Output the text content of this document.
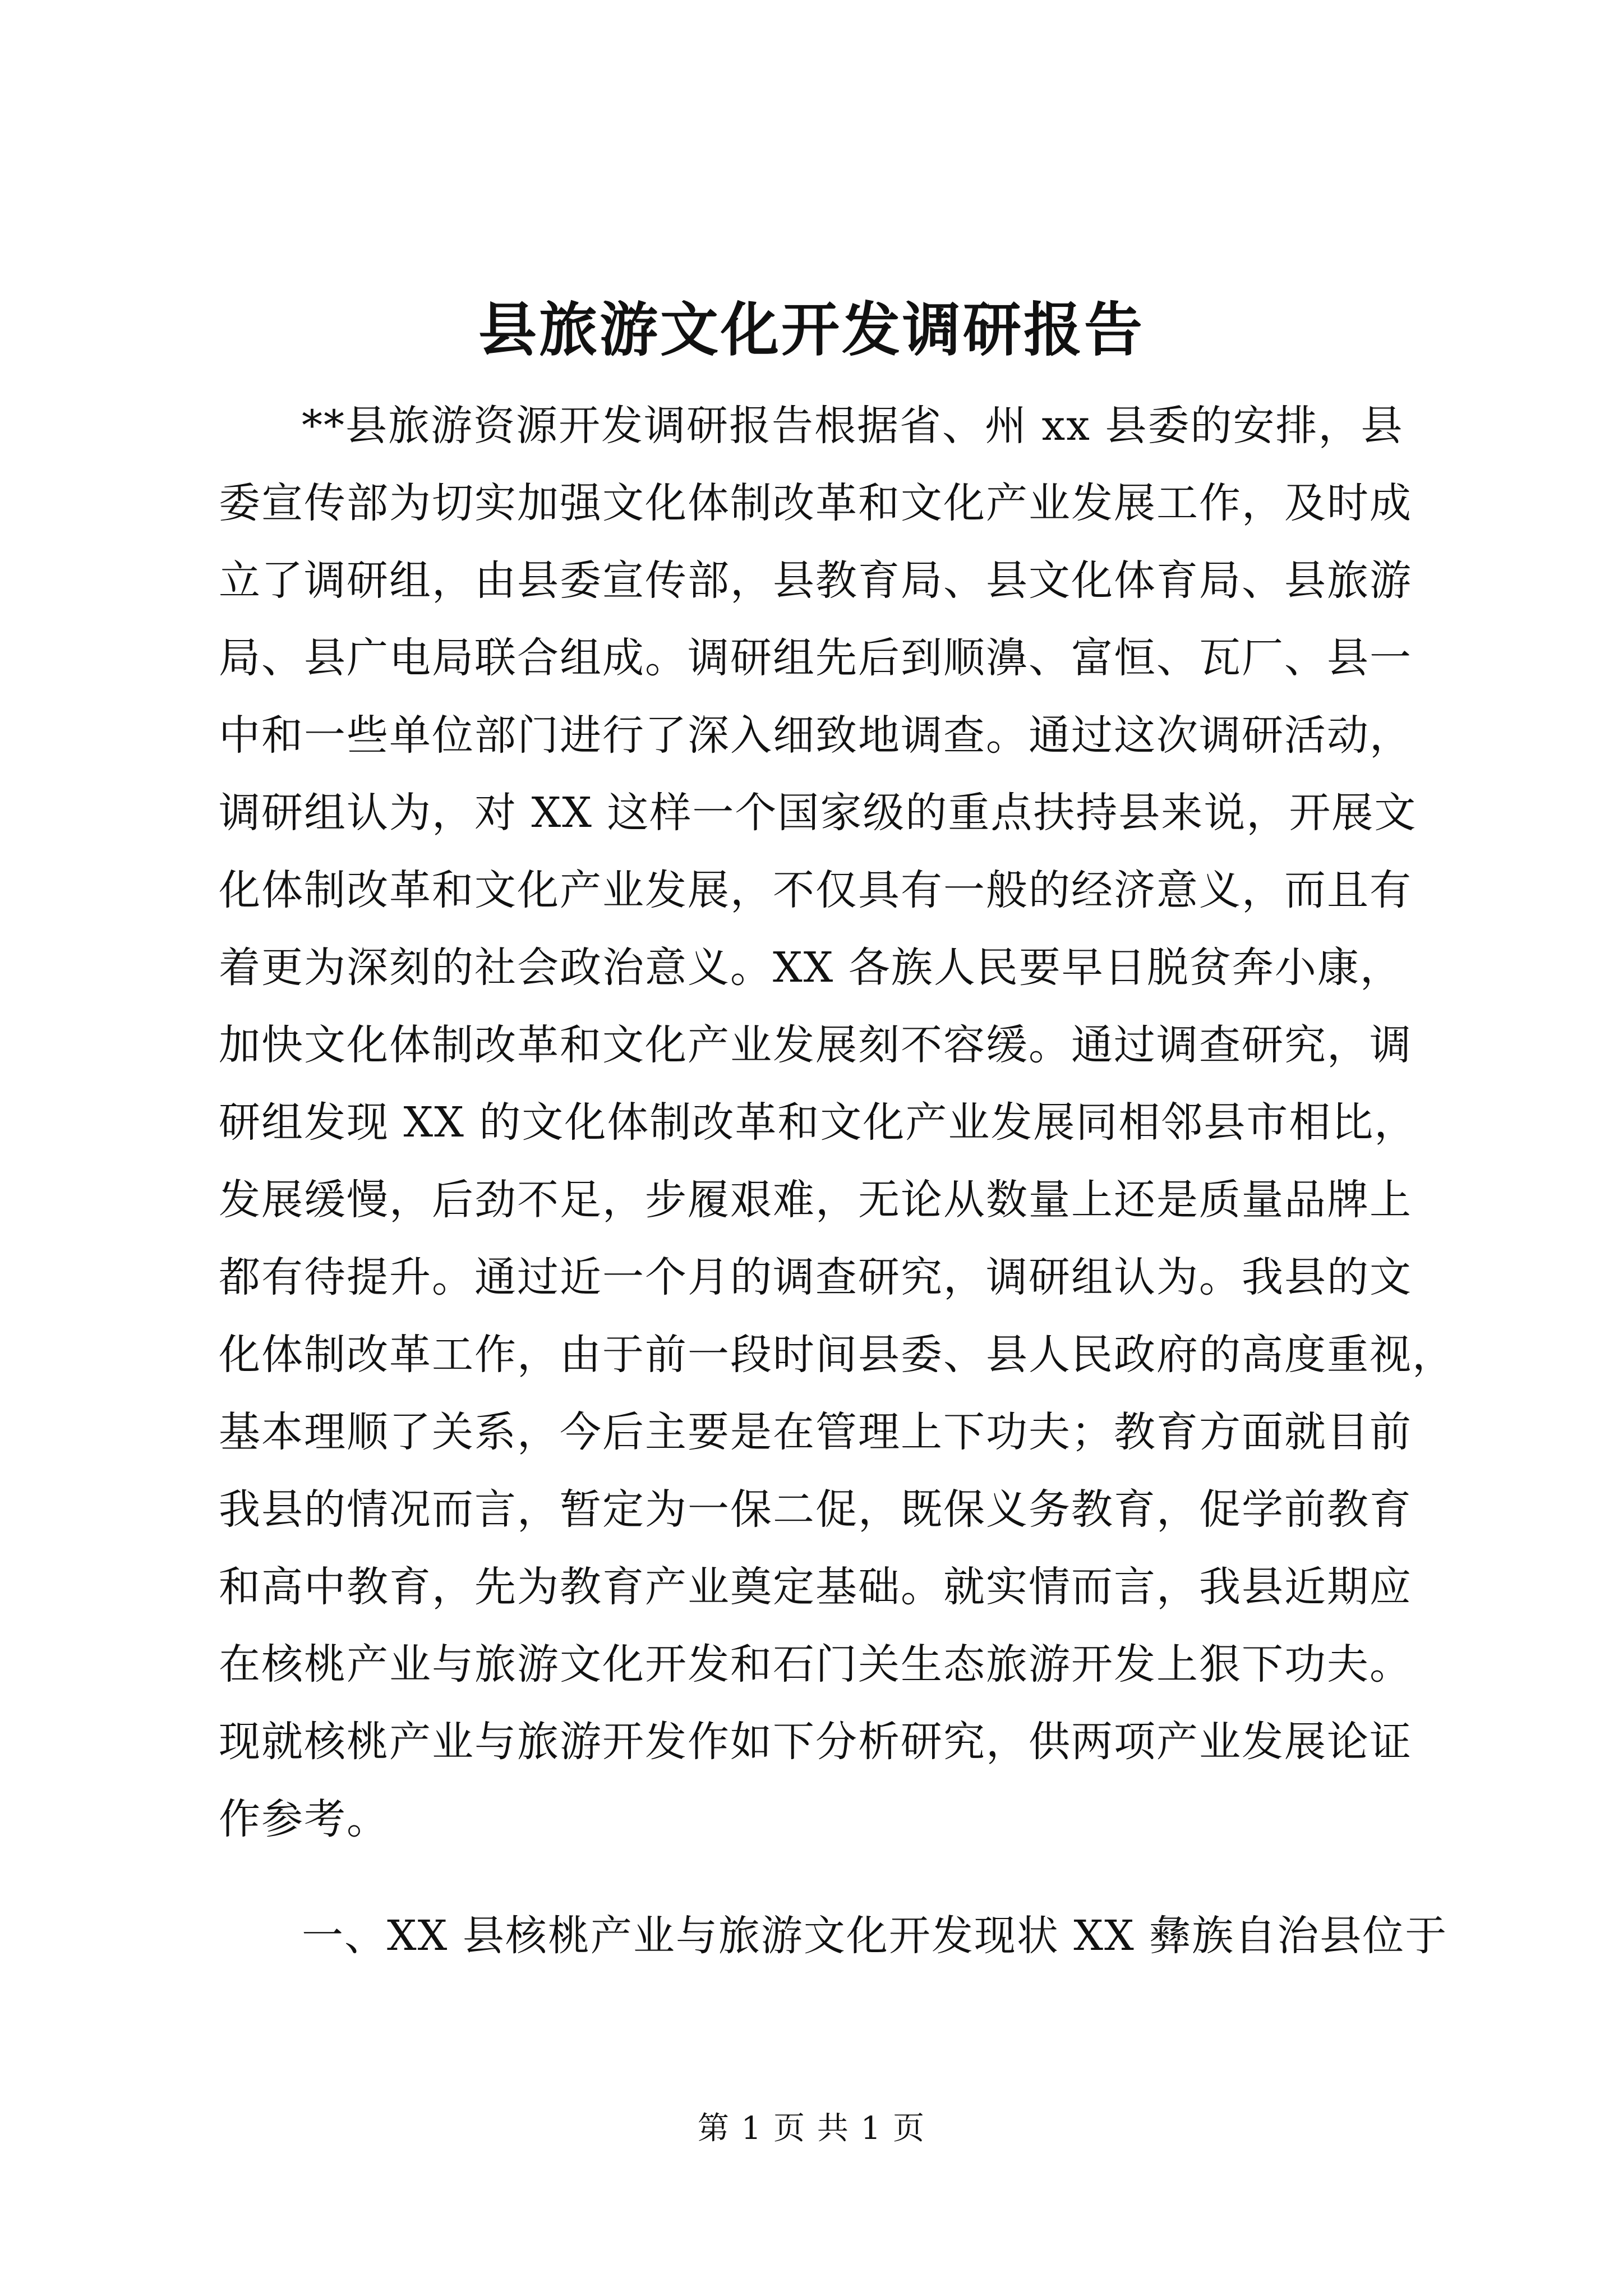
县旅游文化开发调研报告
**县旅游资源开发调研报告根据省、州 xx 县委的安排，县
委宣传部为切实加强文化体制改革和文化产业发展工作，及时成
立了调研组，由县委宣传部，县教育局、县文化体育局、县旅游
局、县广电局联合组成。调研组先后到顺濞、富恒、瓦厂、县一
中和一些单位部门进行了深入细致地调查。通过这次调研活动，
调研组认为，对 XX 这样一个国家级的重点扶持县来说，开展文
化体制改革和文化产业发展，不仅具有一般的经济意义，而且有
着更为深刻的社会政治意义。XX 各族人民要早日脱贫奔小康，
加快文化体制改革和文化产业发展刻不容缓。通过调查研究，调
研组发现 XX 的文化体制改革和文化产业发展同相邻县市相比，
发展缓慢，后劲不足，步履艰难，无论从数量上还是质量品牌上
都有待提升。通过近一个月的调查研究，调研组认为。我县的文
化体制改革工作，由于前一段时间县委、县人民政府的高度重视，
基本理顺了关系，今后主要是在管理上下功夫；教育方面就目前
我县的情况而言，暂定为一保二促，既保义务教育，促学前教育
和高中教育，先为教育产业奠定基础。就实情而言，我县近期应
在核桃产业与旅游文化开发和石门关生态旅游开发上狠下功夫。
现就核桃产业与旅游开发作如下分析研究，供两项产业发展论证
作参考。
一、XX 县核桃产业与旅游文化开发现状 XX 彝族自治县位于

第 1 页 共 1 页
